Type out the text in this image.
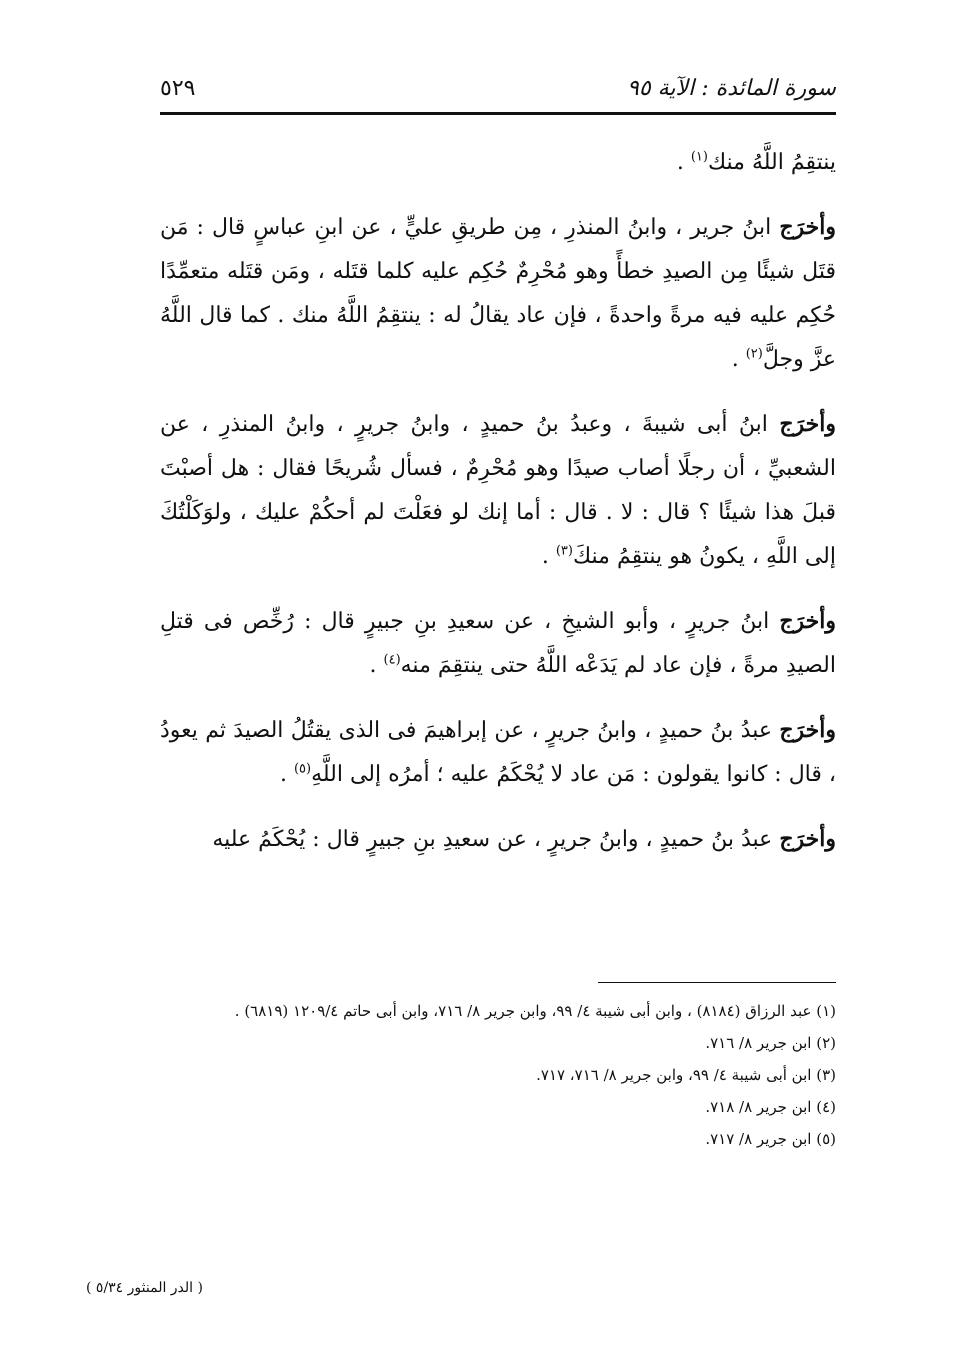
سورة المائدة : الآية ٩٥
٥٢٩

ينتقِمُ اللَّهُ منك$^{(١)}$ .

وأخرَج ابنُ جرير ، وابنُ المنذرِ ، مِن طريقِ عليٍّ ، عن ابنِ عباسٍ قال : مَن قتَل شيئًا مِن الصيدِ خطأً وهو مُحْرِمٌ حُكِم عليه كلما قتَله ، ومَن قتَله متعمِّدًا حُكِم عليه فيه مرةً واحدةً ، فإن عاد يقالُ له : ينتقِمُ اللَّهُ منك . كما قال اللَّهُ عزَّ وجلَّ$^{(٢)}$ .

وأخرَج ابنُ أبى شيبةَ ، وعبدُ بنُ حميدٍ ، وابنُ جريرٍ ، وابنُ المنذرِ ، عن الشعبيِّ ، أن رجلًا أصاب صيدًا وهو مُحْرِمٌ ، فسأل شُريحًا فقال : هل أصبْتَ قبلَ هذا شيئًا ؟ قال : لا . قال : أما إنك لو فعَلْتَ لم أحكُمْ عليك ، ولوَكَلْتُكَ إلى اللَّهِ ، يكونُ هو ينتقِمُ منكَ$^{(٣)}$ .

وأخرَج ابنُ جريرٍ ، وأبو الشيخِ ، عن سعيدِ بنِ جبيرٍ قال : رُخِّص فى قتلِ الصيدِ مرةً ، فإن عاد لم يَدَعْه اللَّهُ حتى ينتقِمَ منه$^{(٤)}$ .

وأخرَج عبدُ بنُ حميدٍ ، وابنُ جريرٍ ، عن إبراهيمَ فى الذى يقتُلُ الصيدَ ثم يعودُ ، قال : كانوا يقولون : مَن عاد لا يُحْكَمُ عليه ؛ أمرُه إلى اللَّهِ$^{(٥)}$ .

وأخرَج عبدُ بنُ حميدٍ ، وابنُ جريرٍ ، عن سعيدِ بنِ جبيرٍ قال : يُحْكَمُ عليه

(١) عبد الرزاق (٨١٨٤) ، وابن أبى شيبة ٤/ ٩٩، وابن جرير ٨/ ٧١٦، وابن أبى حاتم ١٢٠٩/٤ (٦٨١٩) .

(٢) ابن جرير ٨/ ٧١٦.

(٣) ابن أبى شيبة ٤/ ٩٩، وابن جرير ٨/ ٧١٦، ٧١٧.

(٤) ابن جرير ٨/ ٧١٨.

(٥) ابن جرير ٨/ ٧١٧.

( الدر المنثور ٥/٣٤ )
